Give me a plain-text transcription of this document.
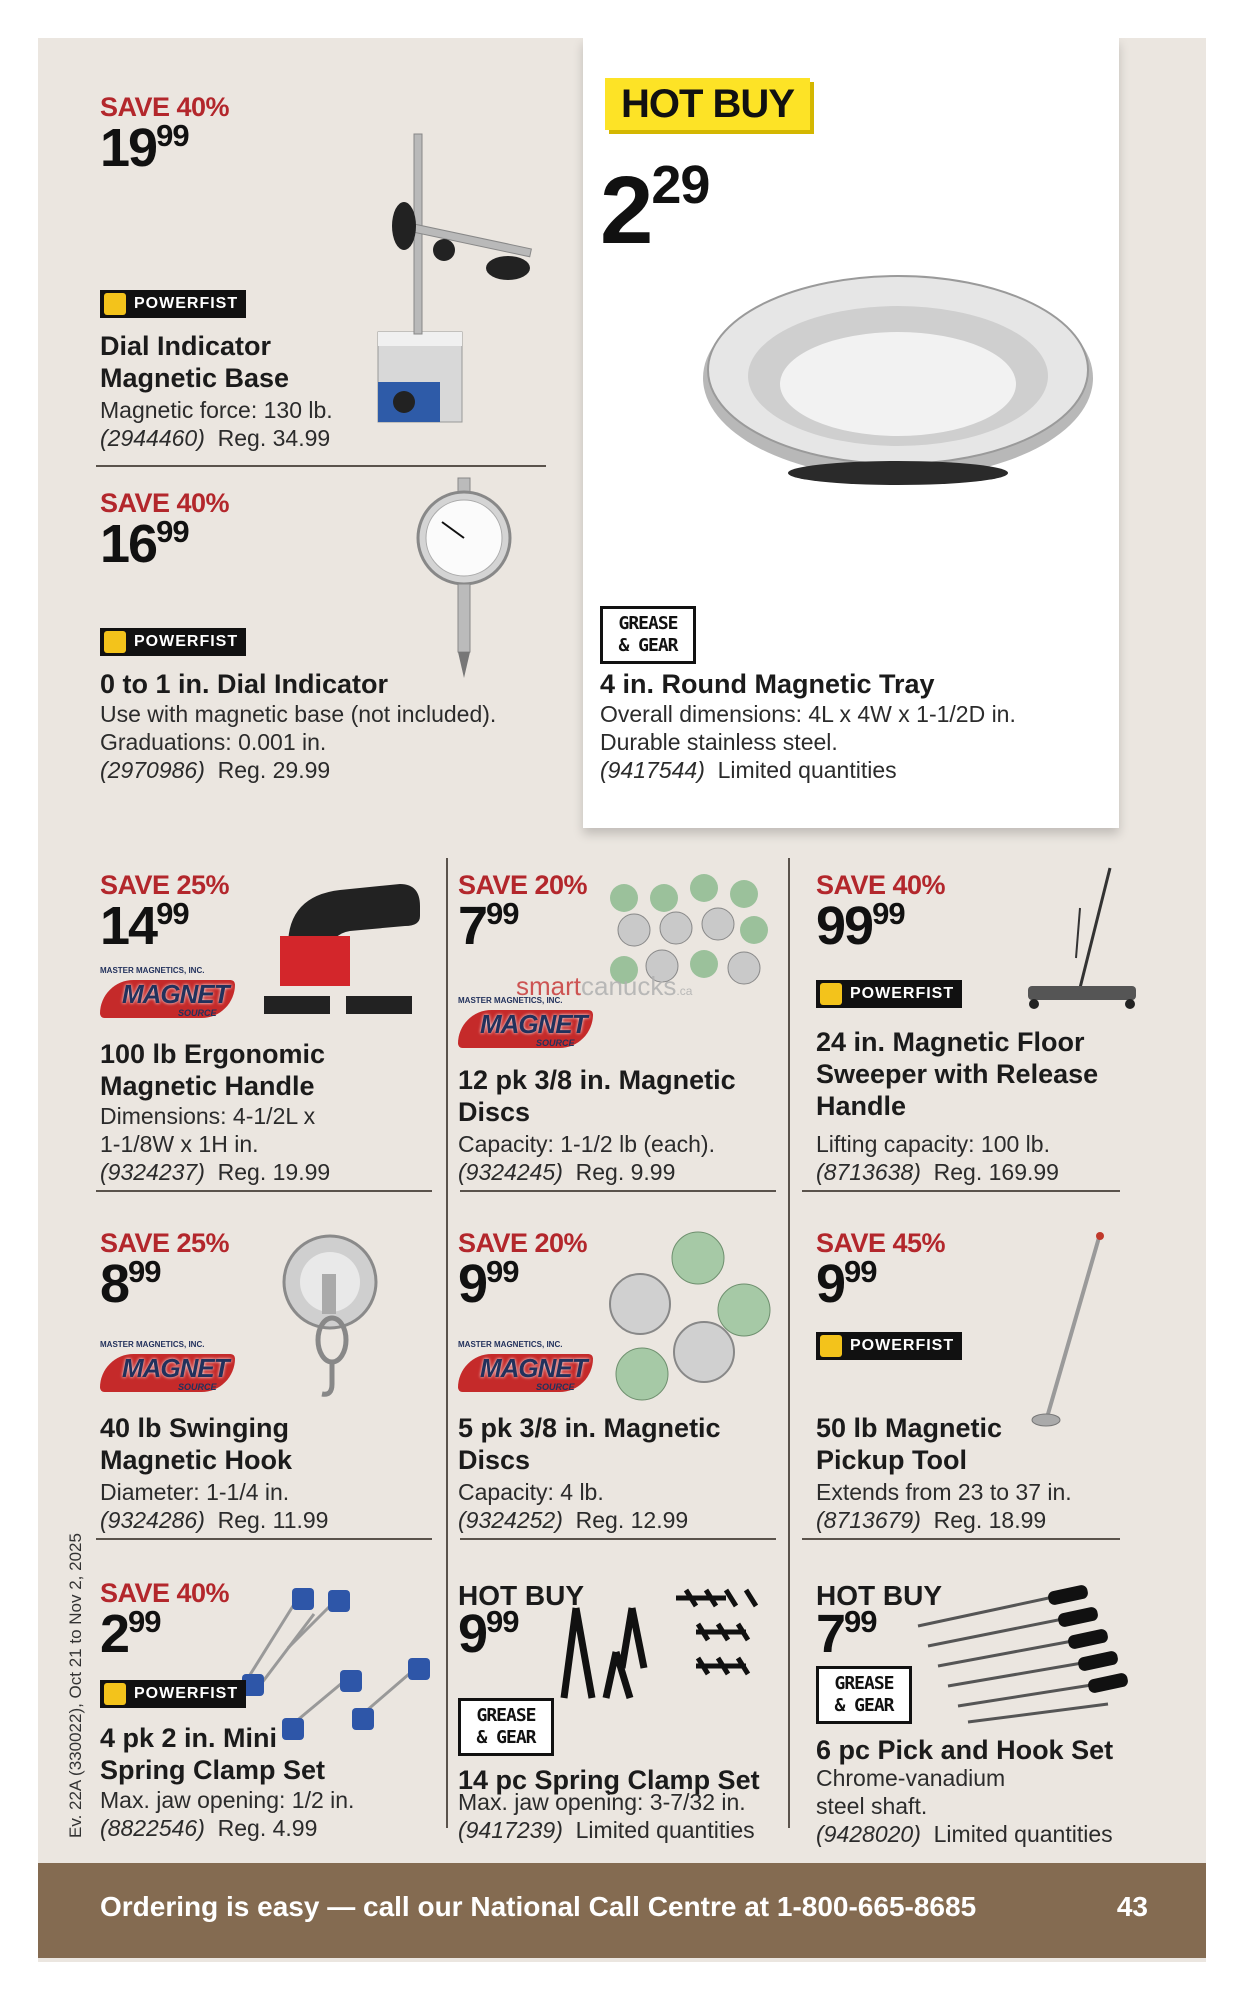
SAVE 40%
1999
POWERFIST
Dial Indicator Magnetic Base
Magnetic force: 130 lb.
(2944460) Reg. 34.99
SAVE 40%
1699
POWERFIST
0 to 1 in. Dial Indicator
Use with magnetic base (not included).
Graduations: 0.001 in.
(2970986) Reg. 29.99
HOT BUY
229
GREASE
& GEAR
4 in. Round Magnetic Tray
Overall dimensions: 4L x 4W x 1-1/2D in.
Durable stainless steel.
(9417544) Limited quantities
SAVE 25%
1499
MASTER MAGNETICS, INC.
MAGNET
SOURCE
100 lb Ergonomic Magnetic Handle
Dimensions: 4-1/2L x
1-1/8W x 1H in.
(9324237) Reg. 19.99
SAVE 20%
799
smartcanucks.ca
MASTER MAGNETICS, INC.
MAGNET
SOURCE
12 pk 3/8 in. Magnetic Discs
Capacity: 1-1/2 lb (each).
(9324245) Reg. 9.99
SAVE 40%
9999
POWERFIST
24 in. Magnetic Floor Sweeper with Release Handle
Lifting capacity: 100 lb.
(8713638) Reg. 169.99
SAVE 25%
899
MASTER MAGNETICS, INC.
MAGNET
SOURCE
40 lb Swinging Magnetic Hook
Diameter: 1-1/4 in.
(9324286) Reg. 11.99
SAVE 20%
999
MASTER MAGNETICS, INC.
MAGNET
SOURCE
5 pk 3/8 in. Magnetic Discs
Capacity: 4 lb.
(9324252) Reg. 12.99
SAVE 45%
999
POWERFIST
50 lb Magnetic Pickup Tool
Extends from 23 to 37 in.
(8713679) Reg. 18.99
SAVE 40%
299
POWERFIST
4 pk 2 in. Mini Spring Clamp Set
Max. jaw opening: 1/2 in.
(8822546) Reg. 4.99
HOT BUY
999
GREASE
& GEAR
14 pc Spring Clamp Set
Max. jaw opening: 3-7/32 in.
(9417239) Limited quantities
HOT BUY
799
GREASE
& GEAR
6 pc Pick and Hook Set
Chrome-vanadium
steel shaft.
(9428020) Limited quantities
Ev. 22A (330022), Oct 21 to Nov 2, 2025
Ordering is easy — call our National Call Centre at 1-800-665-8685	43
